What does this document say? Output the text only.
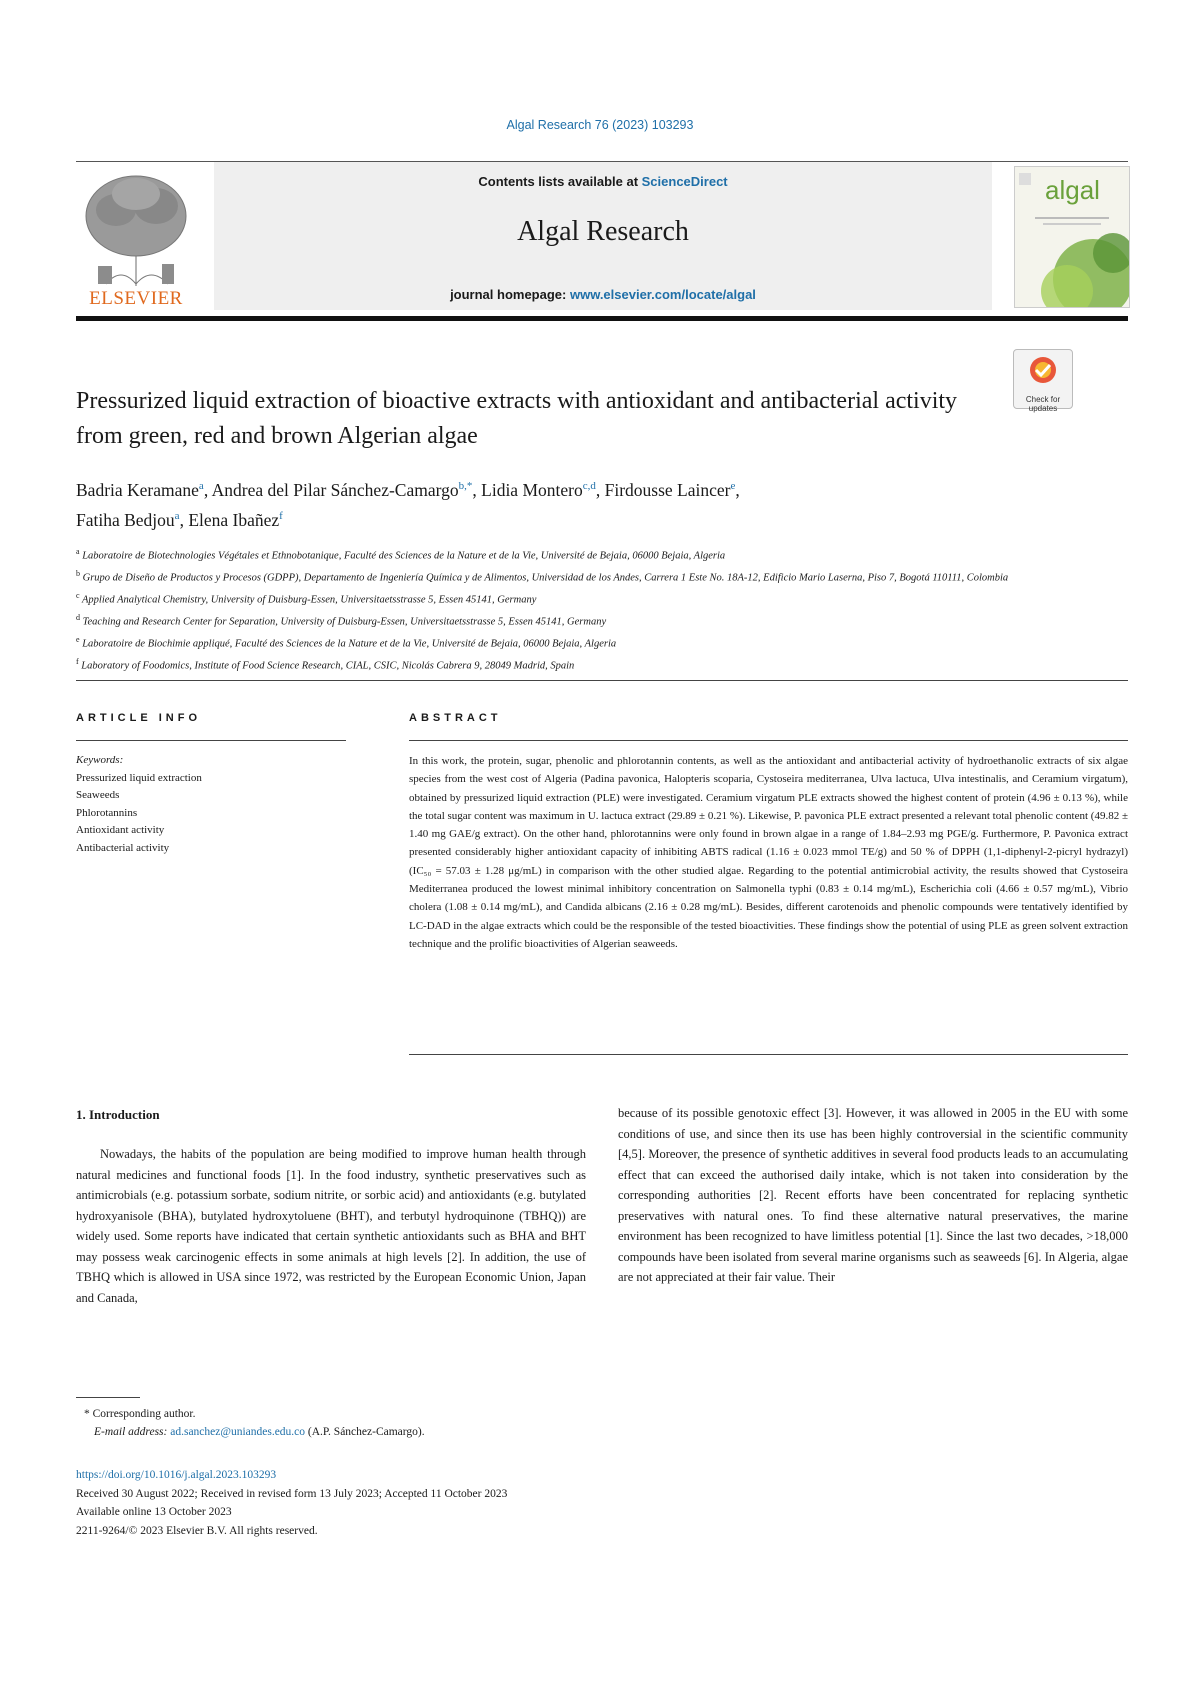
Algal Research 76 (2023) 103293
ELSEVIER
Contents lists available at ScienceDirect
Algal Research
journal homepage: www.elsevier.com/locate/algal
algal
Check for updates
Pressurized liquid extraction of bioactive extracts with antioxidant and antibacterial activity from green, red and brown Algerian algae
Badria Keramane$^a$, Andrea del Pilar Sánchez-Camargo$^{b,*}$, Lidia Montero$^{c,d}$, Firdousse Laincer$^e$,
Fatiha Bedjou$^a$, Elena Ibañez$^f$
$^a$ Laboratoire de Biotechnologies Végétales et Ethnobotanique, Faculté des Sciences de la Nature et de la Vie, Université de Bejaia, 06000 Bejaia, Algeria
$^b$ Grupo de Diseño de Productos y Procesos (GDPP), Departamento de Ingeniería Química y de Alimentos, Universidad de los Andes, Carrera 1 Este No. 18A-12, Edificio Mario Laserna, Piso 7, Bogotá 110111, Colombia
$^c$ Applied Analytical Chemistry, University of Duisburg-Essen, Universitaetsstrasse 5, Essen 45141, Germany
$^d$ Teaching and Research Center for Separation, University of Duisburg-Essen, Universitaetsstrasse 5, Essen 45141, Germany
$^e$ Laboratoire de Biochimie appliqué, Faculté des Sciences de la Nature et de la Vie, Université de Bejaia, 06000 Bejaia, Algeria
$^f$ Laboratory of Foodomics, Institute of Food Science Research, CIAL, CSIC, Nicolás Cabrera 9, 28049 Madrid, Spain
ARTICLE INFO	ABSTRACT
Keywords:
Pressurized liquid extraction
Seaweeds
Phlorotannins
Antioxidant activity
Antibacterial activity
In this work, the protein, sugar, phenolic and phlorotannin contents, as well as the antioxidant and antibacterial activity of hydroethanolic extracts of six algae species from the west cost of Algeria (Padina pavonica, Halopteris scoparia, Cystoseira mediterranea, Ulva lactuca, Ulva intestinalis, and Ceramium virgatum), obtained by pressurized liquid extraction (PLE) were investigated. Ceramium virgatum PLE extracts showed the highest content of protein (4.96 ± 0.13 %), while the total sugar content was maximum in U. lactuca extract (29.89 ± 0.21 %). Likewise, P. pavonica PLE extract presented a relevant total phenolic content (49.82 ± 1.40 mg GAE/g extract). On the other hand, phlorotannins were only found in brown algae in a range of 1.84–2.93 mg PGE/g. Furthermore, P. Pavonica extract presented considerably higher antioxidant capacity of inhibiting ABTS radical (1.16 ± 0.023 mmol TE/g) and 50 % of DPPH (1,1-diphenyl-2-picryl hydrazyl) (IC₅₀ = 57.03 ± 1.28 μg/mL) in comparison with the other studied algae. Regarding to the potential antimicrobial activity, the results showed that Cystoseira Mediterranea produced the lowest minimal inhibitory concentration on Salmonella typhi (0.83 ± 0.14 mg/mL), Escherichia coli (4.66 ± 0.57 mg/mL), Vibrio cholera (1.08 ± 0.14 mg/mL), and Candida albicans (2.16 ± 0.28 mg/mL). Besides, different carotenoids and phenolic compounds were tentatively identified by LC-DAD in the algae extracts which could be the responsible of the tested bioactivities. These findings show the potential of using PLE as green solvent extraction technique and the prolific bioactivities of Algerian seaweeds.
1. Introduction

Nowadays, the habits of the population are being modified to improve human health through natural medicines and functional foods [1]. In the food industry, synthetic preservatives such as antimicrobials (e.g. potassium sorbate, sodium nitrite, or sorbic acid) and antioxidants (e.g. butylated hydroxyanisole (BHA), butylated hydroxytoluene (BHT), and terbutyl hydroquinone (TBHQ)) are widely used. Some reports have indicated that certain synthetic antioxidants such as BHA and BHT may possess weak carcinogenic effects in some animals at high levels [2]. In addition, the use of TBHQ which is allowed in USA since 1972, was restricted by the European Economic Union, Japan and Canada,

because of its possible genotoxic effect [3]. However, it was allowed in 2005 in the EU with some conditions of use, and since then its use has been highly controversial in the scientific community [4,5]. Moreover, the presence of synthetic additives in several food products leads to an accumulating effect that can exceed the authorised daily intake, which is not taken into consideration by the corresponding authorities [2]. Recent efforts have been concentrated for replacing synthetic preservatives with natural ones. To find these alternative natural preservatives, the marine environment has been recognized to have limitless potential [1]. Since the last two decades, >18,000 compounds have been isolated from several marine organisms such as seaweeds [6]. In Algeria, algae are not appreciated at their fair value. Their

* Corresponding author.
E-mail address: ad.sanchez@uniandes.edu.co (A.P. Sánchez-Camargo).
https://doi.org/10.1016/j.algal.2023.103293
Received 30 August 2022; Received in revised form 13 July 2023; Accepted 11 October 2023
Available online 13 October 2023
2211-9264/© 2023 Elsevier B.V. All rights reserved.
